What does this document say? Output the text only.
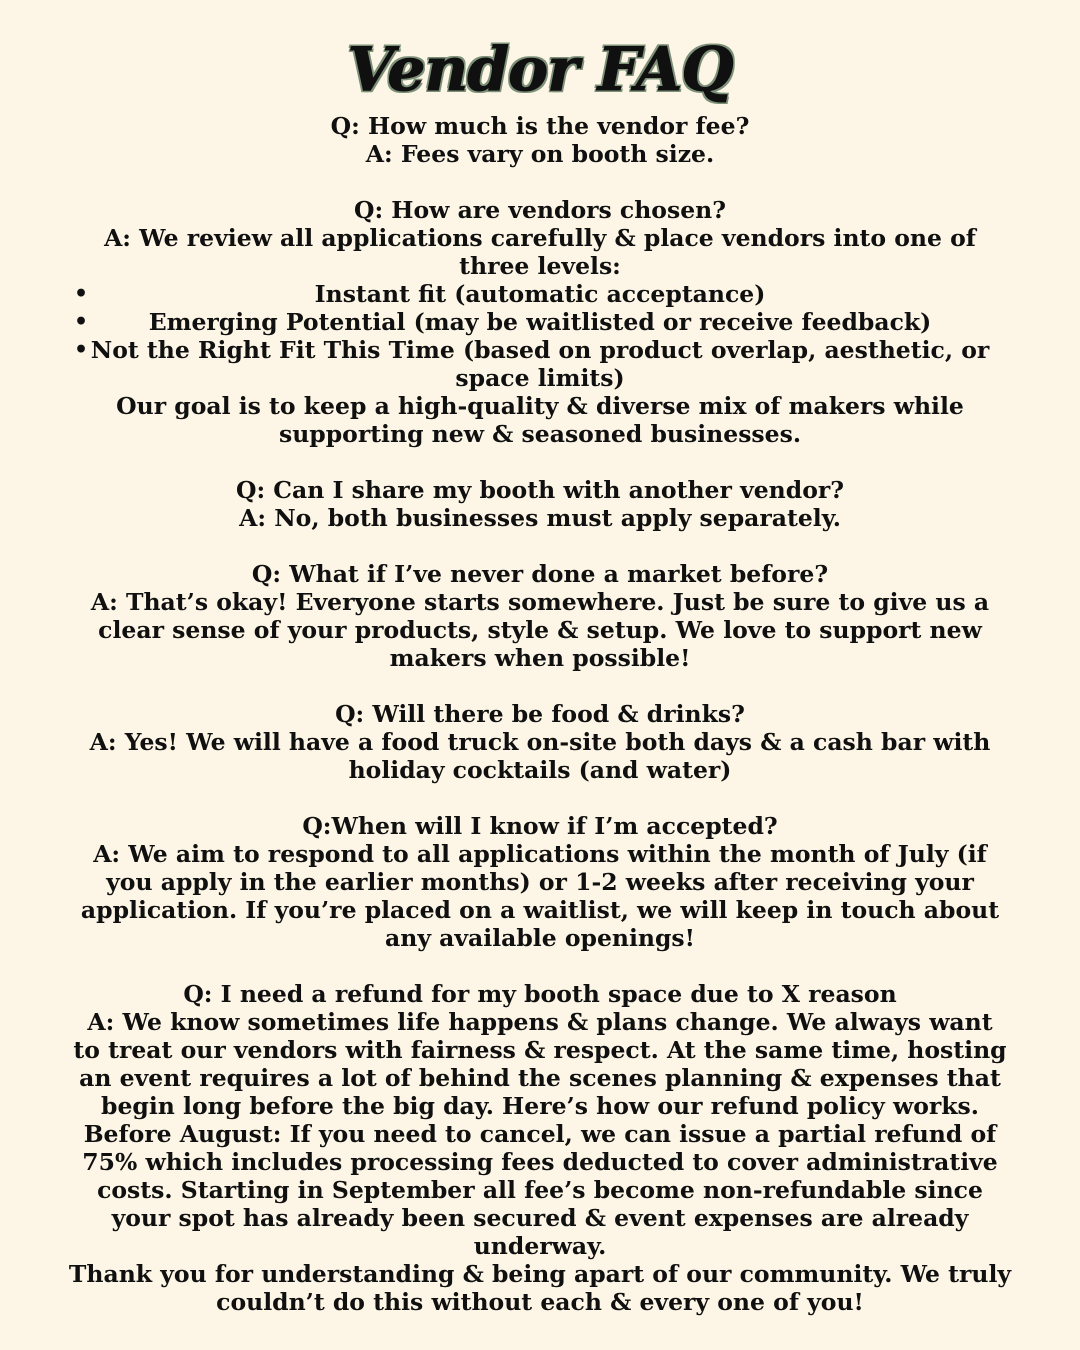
Vendor FAQ
Q: How much is the vendor fee?
A: Fees vary on booth size.
Q: How are vendors chosen?
A: We review all applications carefully & place vendors into one of
three levels:
•	Instant fit (automatic acceptance)
•	Emerging Potential (may be waitlisted or receive feedback)
• Not the Right Fit This Time (based on product overlap, aesthetic, or
space limits)
Our goal is to keep a high-quality & diverse mix of makers while
supporting new & seasoned businesses.
Q: Can I share my booth with another vendor?
A: No, both businesses must apply separately.
Q: What if I’ve never done a market before?
A: That’s okay! Everyone starts somewhere. Just be sure to give us a
clear sense of your products, style & setup. We love to support new
makers when possible!
Q: Will there be food & drinks?
A: Yes! We will have a food truck on-site both days & a cash bar with
holiday cocktails (and water)
Q:When will I know if I’m accepted?
A: We aim to respond to all applications within the month of July (if
you apply in the earlier months) or 1-2 weeks after receiving your
application. If you’re placed on a waitlist, we will keep in touch about
any available openings!
Q: I need a refund for my booth space due to X reason
A: We know sometimes life happens & plans change. We always want
to treat our vendors with fairness & respect. At the same time, hosting
an event requires a lot of behind the scenes planning & expenses that
begin long before the big day. Here’s how our refund policy works.
Before August: If you need to cancel, we can issue a partial refund of
75% which includes processing fees deducted to cover administrative
costs. Starting in September all fee’s become non-refundable since
your spot has already been secured & event expenses are already
underway.
Thank you for understanding & being apart of our community. We truly
couldn’t do this without each & every one of you!
